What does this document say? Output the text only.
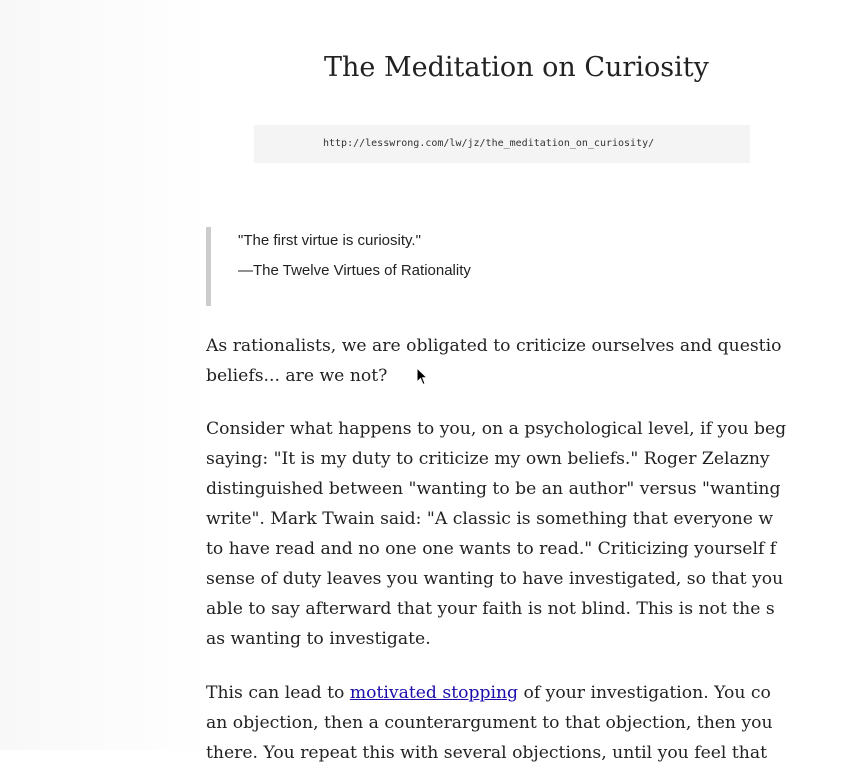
The Meditation on Curiosity
http://lesswrong.com/lw/jz/the_meditation_on_curiosity/
"The first virtue is curiosity."
—The Twelve Virtues of Rationality

As rationalists, we are obligated to criticize ourselves and questio
beliefs... are we not?

Consider what happens to you, on a psychological level, if you beg
saying: "It is my duty to criticize my own beliefs." Roger Zelazny
distinguished between "wanting to be an author" versus "wanting
write". Mark Twain said: "A classic is something that everyone w
to have read and no one one wants to read." Criticizing yourself f
sense of duty leaves you wanting to have investigated, so that you
able to say afterward that your faith is not blind. This is not the s
as wanting to investigate.

This can lead to motivated stopping of your investigation. You co
an objection, then a counterargument to that objection, then you
there. You repeat this with several objections, until you feel that
